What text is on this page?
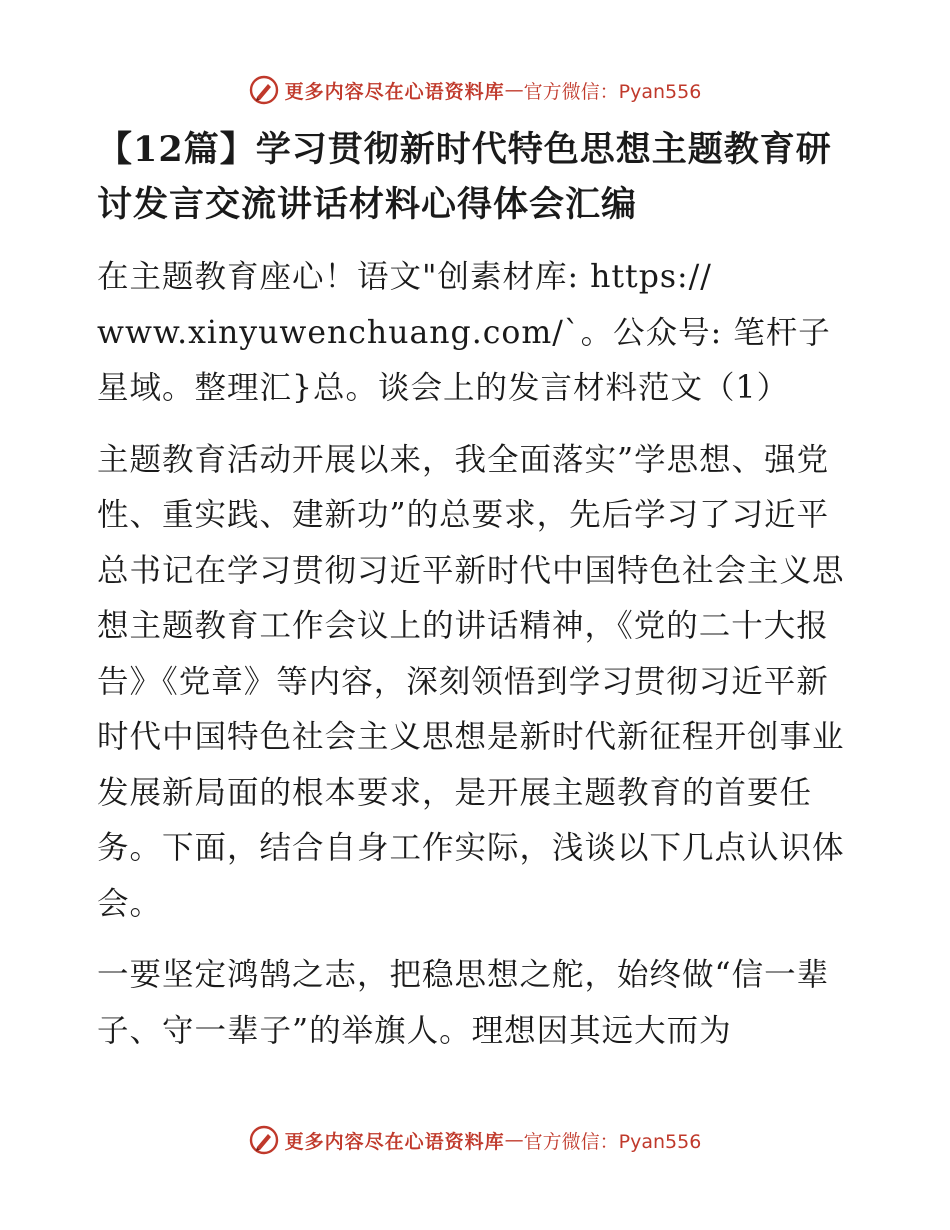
更多内容尽在心语资料库 — 官方微信：Pyan556
【12篇】学习贯彻新时代特色思想主题教育研讨发言交流讲话材料心得体会汇编

在主题教育座心！语文"创素材库: https:// www.xinyuwenchuang.com/`。公众号: 笔杆子星域。整理汇}总。谈会上的发言材料范文（1）

主题教育活动开展以来，我全面落实”学思想、强党性、重实践、建新功”的总要求，先后学习了习近平总书记在学习贯彻习近平新时代中国特色社会主义思想主题教育工作会议上的讲话精神，《党的二十大报告》《党章》等内容，深刻领悟到学习贯彻习近平新时代中国特色社会主义思想是新时代新征程开创事业发展新局面的根本要求，是开展主题教育的首要任务。下面，结合自身工作实际，浅谈以下几点认识体会。

一要坚定鸿鹄之志，把稳思想之舵，始终做“信一辈子、守一辈子”的举旗人。理想因其远大而为

更多内容尽在心语资料库 — 官方微信：Pyan556
